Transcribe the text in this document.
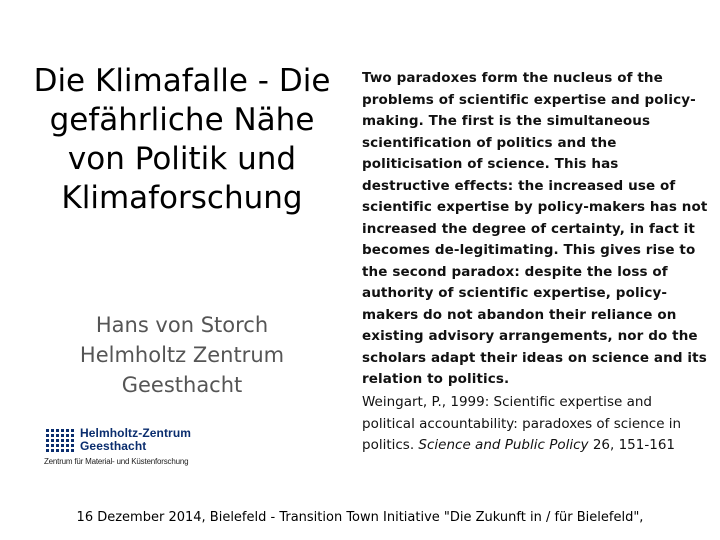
Die Klimafalle - Die gefährliche Nähe von Politik und Klimaforschung
Hans von Storch
Helmholtz Zentrum
Geesthacht
Helmholtz-Zentrum
Geesthacht
Zentrum für Material- und Küstenforschung
Two paradoxes form the nucleus of the problems of scientific expertise and policy-making. The first is the simultaneous scientification of politics and the politicisation of science. This has destructive effects: the increased use of scientific expertise by policy-makers has not increased the degree of certainty, in fact it becomes de-legitimating. This gives rise to the second paradox: despite the loss of authority of scientific expertise, policy-makers do not abandon their reliance on existing advisory arrangements, nor do the scholars adapt their ideas on science and its relation to politics.
Weingart, P., 1999: Scientific expertise and political accountability: paradoxes of science in politics. Science and Public Policy 26, 151-161
16 Dezember 2014, Bielefeld - Transition Town Initiative "Die Zukunft in / für Bielefeld",
